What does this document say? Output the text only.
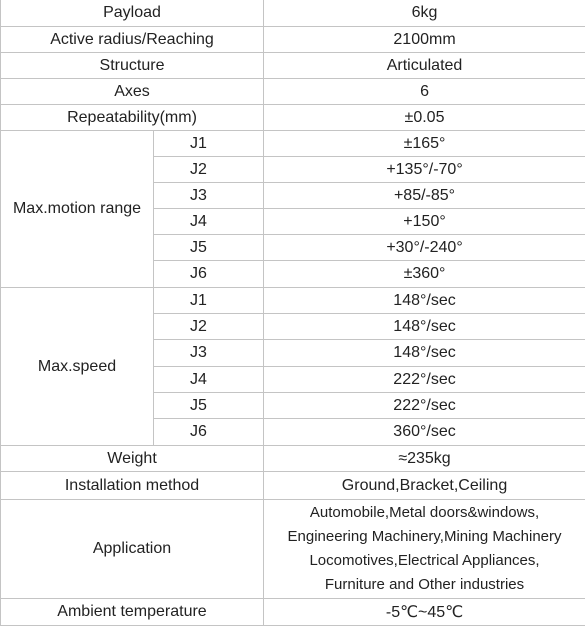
Payload		6kg
Active radius/Reaching		2100mm
Structure		Articulated
Axes		6
Repeatability(mm)		±0.05
Max.motion range	J1	±165°
	J2	+135°/-70°
	J3	+85/-85°
	J4	+150°
	J5	+30°/-240°
	J6	±360°
Max.speed	J1	148°/sec
	J2	148°/sec
	J3	148°/sec
	J4	222°/sec
	J5	222°/sec
	J6	360°/sec
Weight		≈235kg
Installation method		Ground,Bracket,Ceiling
Application		Automobile,Metal doors&windows,
Engineering Machinery,Mining Machinery
Locomotives,Electrical Appliances,
Furniture and Other industries

Ambient temperature		-5℃~45℃
